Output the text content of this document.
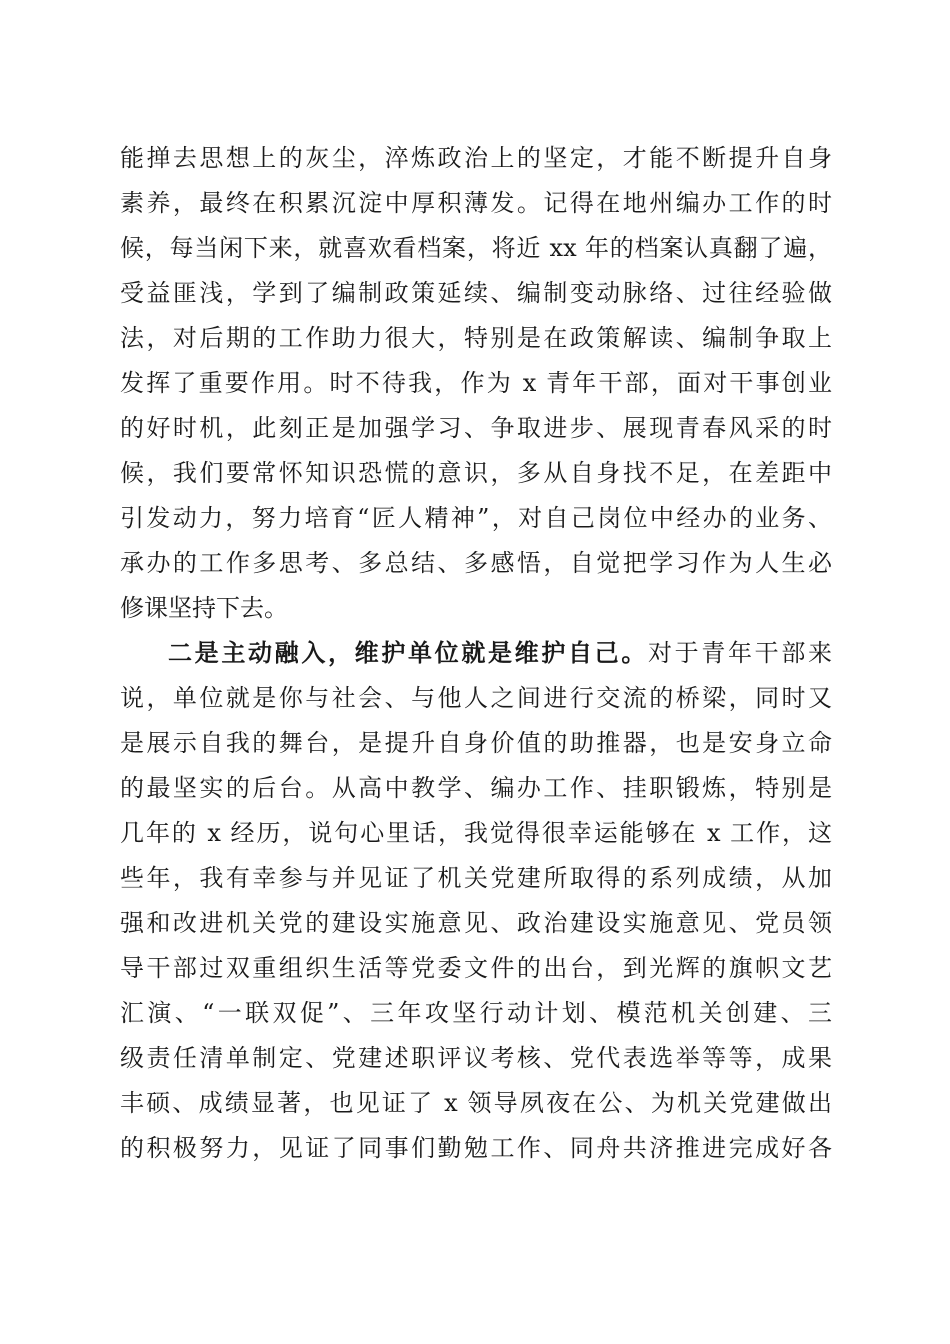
能掸去思想上的灰尘，淬炼政治上的坚定，才能不断提升自身
素养，最终在积累沉淀中厚积薄发。记得在地州编办工作的时
候，每当闲下来，就喜欢看档案，将近 xx 年的档案认真翻了遍，
受益匪浅，学到了编制政策延续、编制变动脉络、过往经验做
法，对后期的工作助力很大，特别是在政策解读、编制争取上
发挥了重要作用。时不待我，作为 x 青年干部，面对干事创业
的好时机，此刻正是加强学习、争取进步、展现青春风采的时
候，我们要常怀知识恐慌的意识，多从自身找不足，在差距中
引发动力，努力培育“匠人精神”，对自己岗位中经办的业务、
承办的工作多思考、多总结、多感悟，自觉把学习作为人生必
修课坚持下去。
二是主动融入，维护单位就是维护自己。对于青年干部来
说，单位就是你与社会、与他人之间进行交流的桥梁，同时又
是展示自我的舞台，是提升自身价值的助推器，也是安身立命
的最坚实的后台。从高中教学、编办工作、挂职锻炼，特别是
几年的 x 经历，说句心里话，我觉得很幸运能够在 x 工作，这
些年，我有幸参与并见证了机关党建所取得的系列成绩，从加
强和改进机关党的建设实施意见、政治建设实施意见、党员领
导干部过双重组织生活等党委文件的出台，到光辉的旗帜文艺
汇演、“一联双促”、三年攻坚行动计划、模范机关创建、三
级责任清单制定、党建述职评议考核、党代表选举等等，成果
丰硕、成绩显著，也见证了 x 领导夙夜在公、为机关党建做出
的积极努力，见证了同事们勤勉工作、同舟共济推进完成好各
